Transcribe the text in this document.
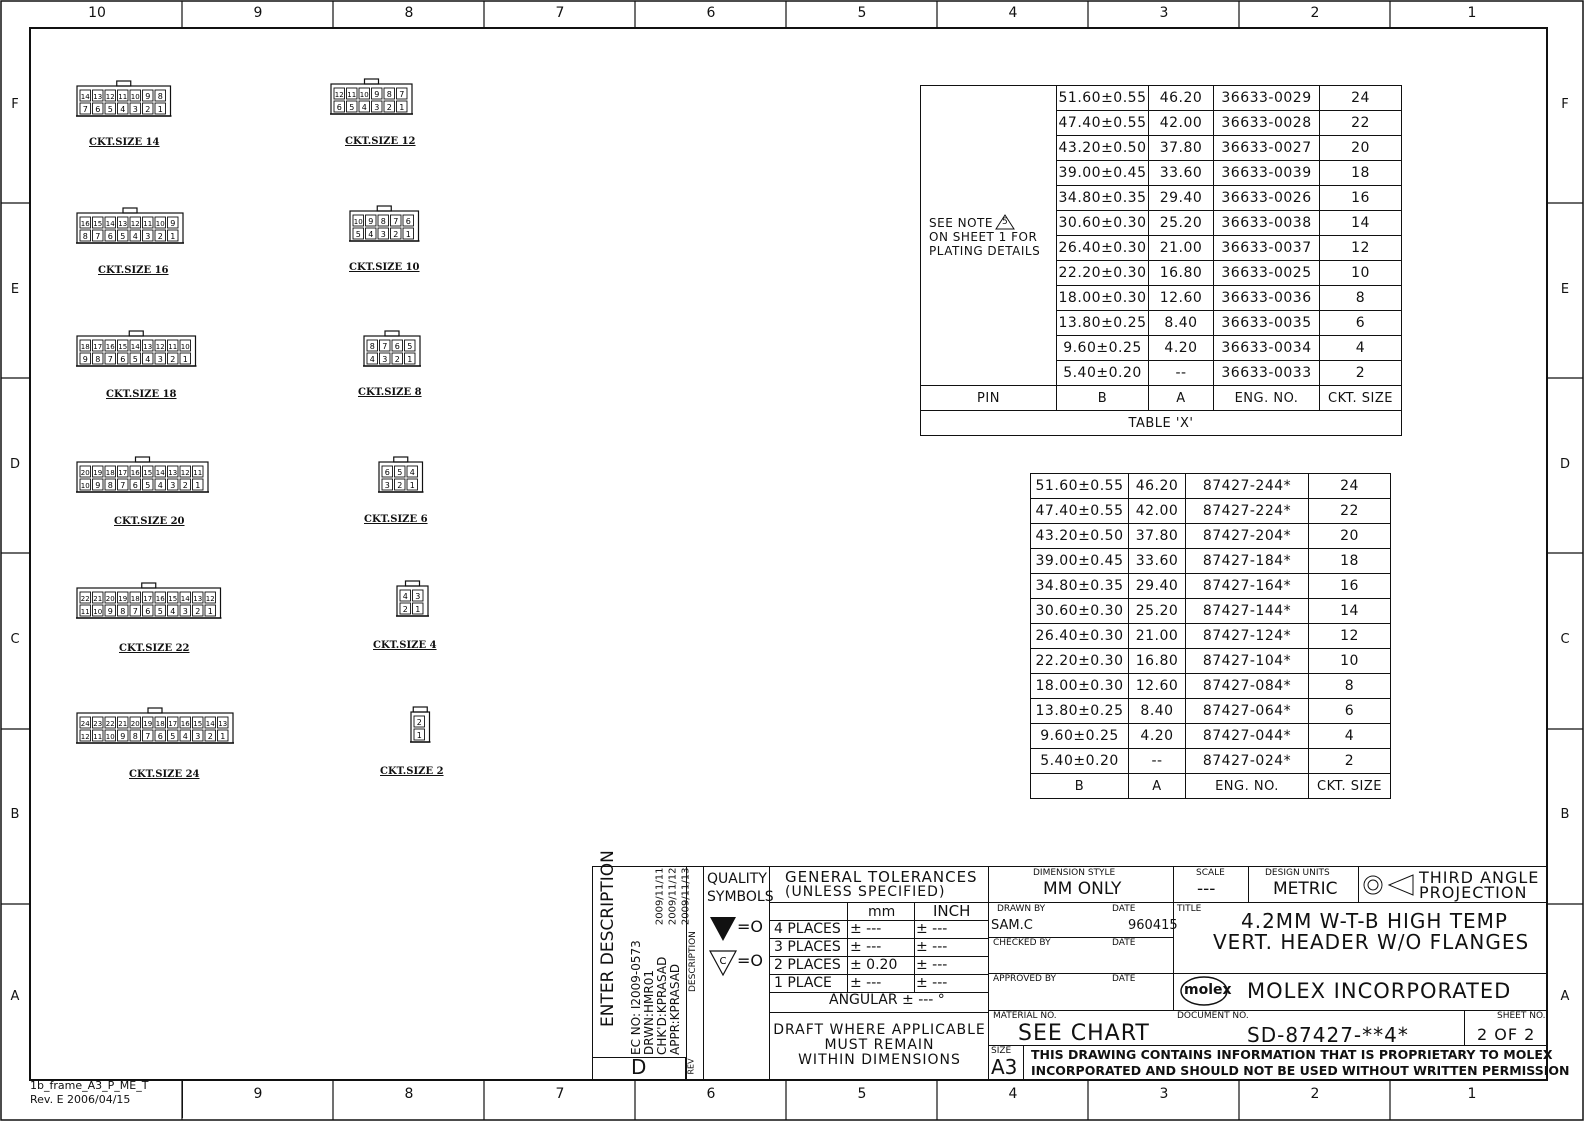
10	9	8	7	6	5	4	3	2	1
9	8	7	6	5	4	3	2	1
F
E
D
C
B
A
F
E
D
C
B
A
1b_frame_A3_P_ME_T
Rev. E 2006/04/15
14 13 12 11 10 9 8
7 6 5 4 3 2 1
CKT.SIZE 14
16 15 14 13 12 11 10 9
8 7 6 5 4 3 2 1
CKT.SIZE 16
18 17 16 15 14 13 12 11 10
9 8 7 6 5 4 3 2 1
CKT.SIZE 18
20 19 18 17 16 15 14 13 12 11
10 9 8 7 6 5 4 3 2 1
CKT.SIZE 20
22 21 20 19 18 17 16 15 14 13 12
11 10 9 8 7 6 5 4 3 2 1
CKT.SIZE 22
24 23 22 21 20 19 18 17 16 15 14 13
12 11 10 9 8 7 6 5 4 3 2 1
CKT.SIZE 24
12 11 10 9 8 7
6 5 4 3 2 1
CKT.SIZE 12
10 9 8 7 6
5 4 3 2 1
CKT.SIZE 10
8 7 6 5
4 3 2 1
CKT.SIZE 8
6 5 4
3 2 1
CKT.SIZE 6
4 3
2 1
CKT.SIZE 4
2
1
CKT.SIZE 2
SEE NOTE 5
ON SHEET 1 FOR
PLATING DETAILS	51.60±0.55	46.20	36633-0029	24
	47.40±0.55	42.00	36633-0028	22
	43.20±0.50	37.80	36633-0027	20
	39.00±0.45	33.60	36633-0039	18
	34.80±0.35	29.40	36633-0026	16
	30.60±0.30	25.20	36633-0038	14
	26.40±0.30	21.00	36633-0037	12
	22.20±0.30	16.80	36633-0025	10
	18.00±0.30	12.60	36633-0036	8
	13.80±0.25	8.40	36633-0035	6
	9.60±0.25	4.20	36633-0034	4
	5.40±0.20	--	36633-0033	2
PIN	B	A	ENG. NO.	CKT. SIZE
TABLE 'X'				
51.60±0.55	46.20	87427-244*	24
47.40±0.55	42.00	87427-224*	22
43.20±0.50	37.80	87427-204*	20
39.00±0.45	33.60	87427-184*	18
34.80±0.35	29.40	87427-164*	16
30.60±0.30	25.20	87427-144*	14
26.40±0.30	21.00	87427-124*	12
22.20±0.30	16.80	87427-104*	10
18.00±0.30	12.60	87427-084*	8
13.80±0.25	8.40	87427-064*	6
9.60±0.25	4.20	87427-044*	4
5.40±0.20	--	87427-024*	2
B	A	ENG. NO.	CKT. SIZE
D
ENTER DESCRIPTION EC NO: I2009-0573 DRWN:HMR01 CHK'D:KPRASAD APPR:KPRASAD
2009/11/11 2009/11/12 2009/11/13
DESCRIPTION
REV
QUALITY SYMBOLS
=O
C =O
GENERAL TOLERANCES
(UNLESS SPECIFIED)
mm	INCH
4 PLACES ± --- ± ---
3 PLACES ± --- ± ---
2 PLACES ± 0.20 ± ---
1 PLACE ± --- ± ---
ANGULAR ± --- °
DRAFT WHERE APPLICABLE
MUST REMAIN
WITHIN DIMENSIONS
DIMENSION STYLE
MM ONLY
SCALE
---
DESIGN UNITS
METRIC
THIRD ANGLE
PROJECTION
DRAWN BY	DATE
SAM.C	960415
CHECKED BY	DATE
APPROVED BY	DATE
MATERIAL NO.
SEE CHART
TITLE 4.2MM W-T-B HIGH TEMP
VERT. HEADER W/O FLANGES
molex MOLEX INCORPORATED
DOCUMENT NO.
SD-87427-**4*
SHEET NO.
2 OF 2
SIZE
A3
THIS DRAWING CONTAINS INFORMATION THAT IS PROPRIETARY TO MOLEX
INCORPORATED AND SHOULD NOT BE USED WITHOUT WRITTEN PERMISSION
